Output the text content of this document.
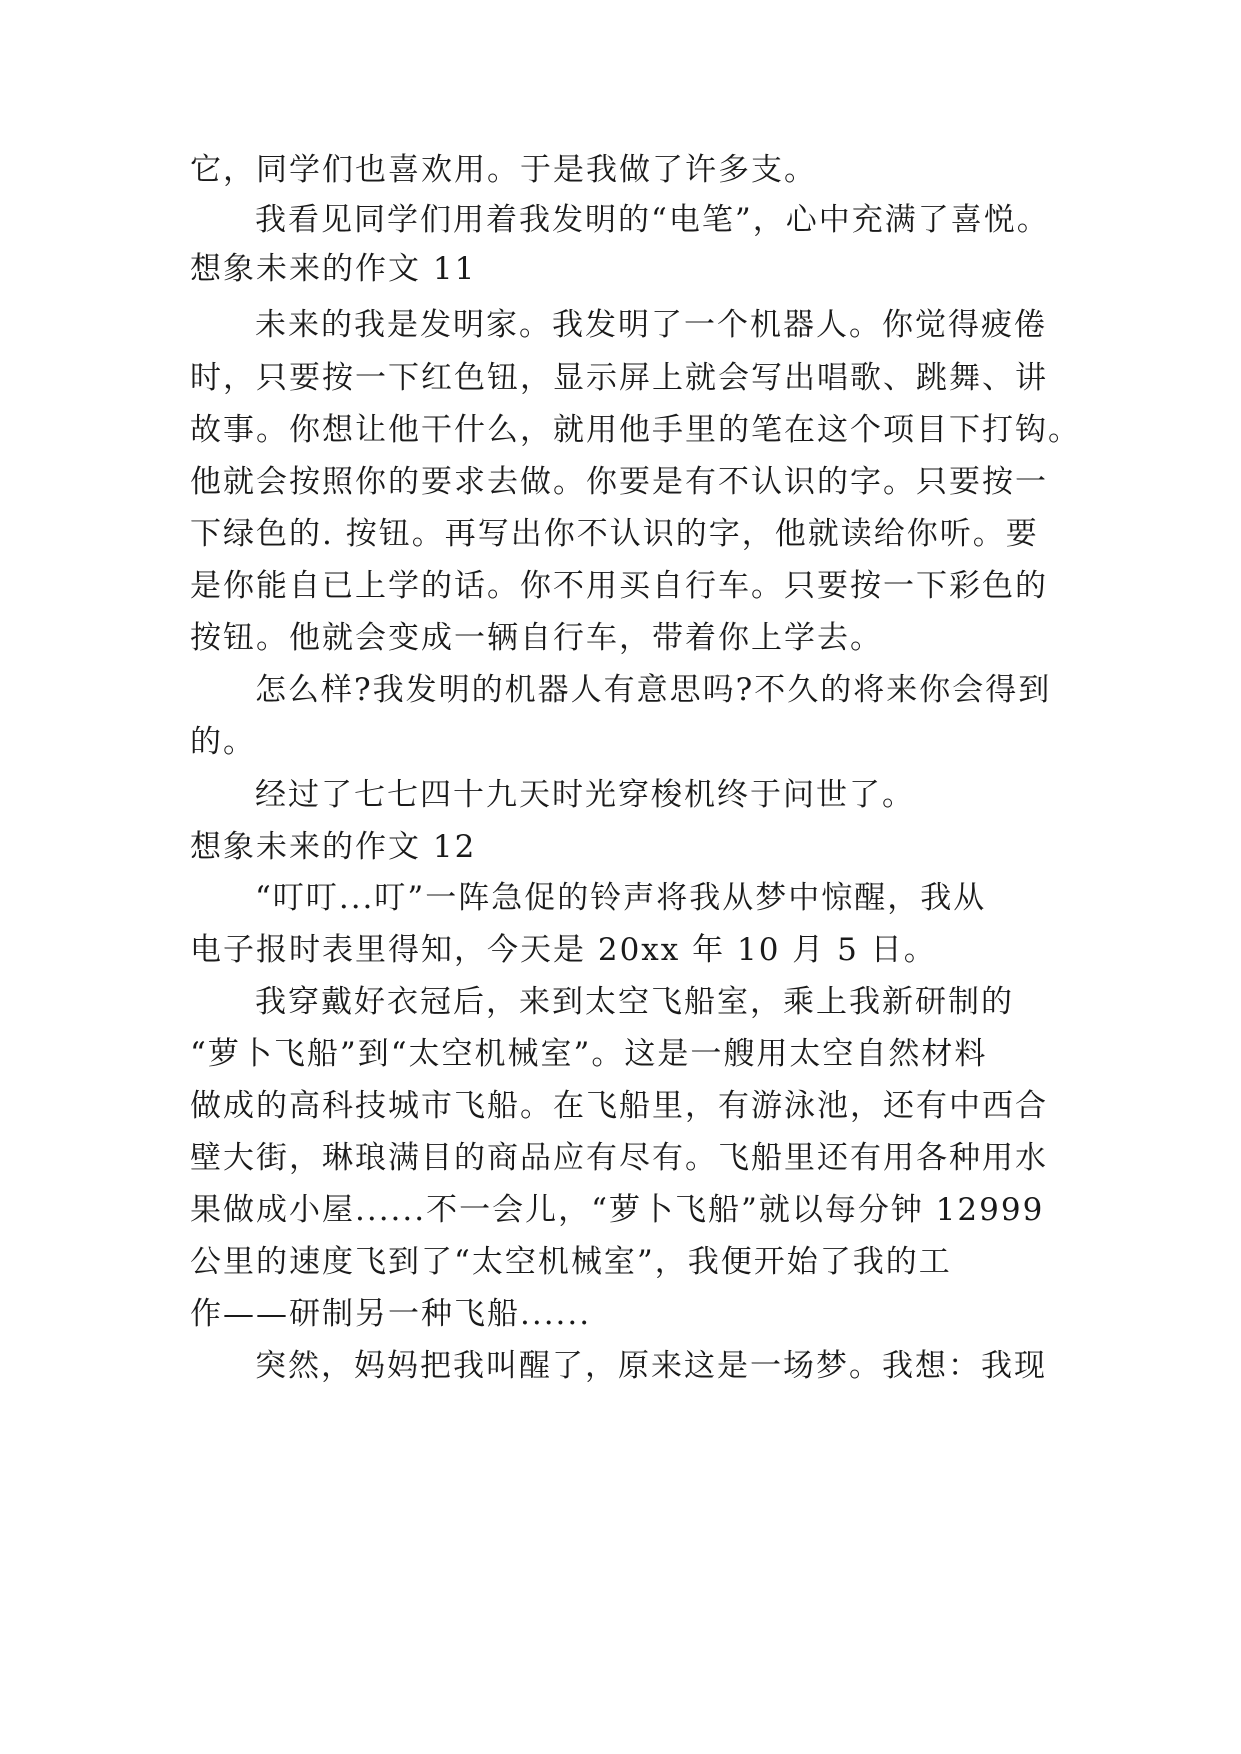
它，同学们也喜欢用。于是我做了许多支。
我看见同学们用着我发明的“电笔”，心中充满了喜悦。
想象未来的作文 11
未来的我是发明家。我发明了一个机器人。你觉得疲倦
时，只要按一下红色钮，显示屏上就会写出唱歌、跳舞、讲
故事。你想让他干什么，就用他手里的笔在这个项目下打钩。
他就会按照你的要求去做。你要是有不认识的字。只要按一
下绿色的. 按钮。再写出你不认识的字，他就读给你听。要
是你能自已上学的话。你不用买自行车。只要按一下彩色的
按钮。他就会变成一辆自行车，带着你上学去。
怎么样?我发明的机器人有意思吗?不久的将来你会得到
的。
经过了七七四十九天时光穿梭机终于问世了。
想象未来的作文 12
“叮叮...叮”一阵急促的铃声将我从梦中惊醒，我从
电子报时表里得知，今天是 20xx 年 10 月 5 日。
我穿戴好衣冠后，来到太空飞船室，乘上我新研制的
“萝卜飞船”到“太空机械室”。这是一艘用太空自然材料
做成的高科技城市飞船。在飞船里，有游泳池，还有中西合
壁大街，琳琅满目的商品应有尽有。飞船里还有用各种用水
果做成小屋......不一会儿，“萝卜飞船”就以每分钟 12999
公里的速度飞到了“太空机械室”，我便开始了我的工
作——研制另一种飞船......
突然，妈妈把我叫醒了，原来这是一场梦。我想：我现
